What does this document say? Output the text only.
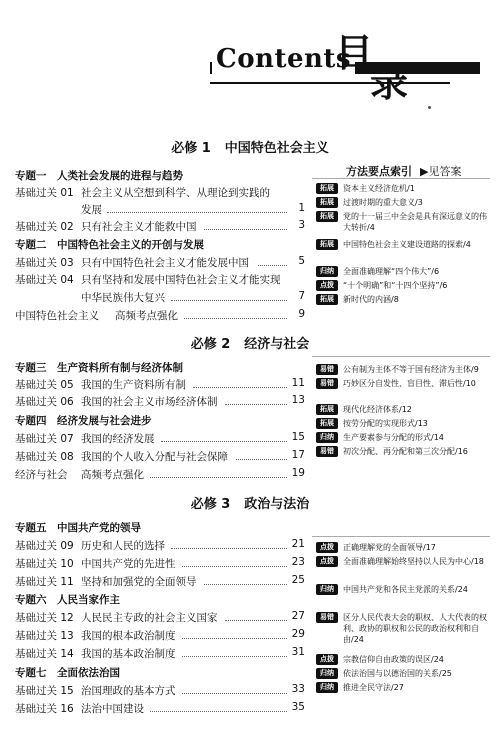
Contents
目
录
必修 1 中国特色社会主义
必修 2 经济与社会
必修 3 政治与法治
专题一 人类社会发展的进程与趋势
基础过关 01 社会主义从空想到科学、从理论到实践的
发展	1
基础过关 02 只有社会主义才能救中国	3
专题二 中国特色社会主义的开创与发展
基础过关 03 只有中国特色社会主义才能发展中国	5
基础过关 04 只有坚持和发展中国特色社会主义才能实现
中华民族伟大复兴	7
中国特色社会主义 高频考点强化	9
专题三 生产资料所有制与经济体制
基础过关 05 我国的生产资料所有制	11
基础过关 06 我国的社会主义市场经济体制	13
专题四 经济发展与社会进步
基础过关 07 我国的经济发展	15
基础过关 08 我国的个人收入分配与社会保障	17
经济与社会 高频考点强化	19
专题五 中国共产党的领导
基础过关 09 历史和人民的选择	21
基础过关 10 中国共产党的先进性	23
基础过关 11 坚持和加强党的全面领导	25
专题六 人民当家作主
基础过关 12 人民民主专政的社会主义国家	27
基础过关 13 我国的根本政治制度	29
基础过关 14 我国的基本政治制度	31
专题七 全面依法治国
基础过关 15 治国理政的基本方式	33
基础过关 16 法治中国建设	35
方法要点索引 ▶见答案
拓展	资本主义经济危机/1
拓展	过渡时期的重大意义/3
拓展	党的十一届三中全会是具有深远意义的伟大转折/4
拓展	中国特色社会主义建设道路的探索/4
归纳	全面准确理解“四个伟大”/6
点拨	“十个明确”和“十四个坚持”/6
拓展	新时代的内涵/8
易错	公有制为主体不等于国有经济为主体/9
易错	巧妙区分自发性、盲目性、滞后性/10
拓展	现代化经济体系/12
拓展	按劳分配的实现形式/13
归纳	生产要素参与分配的形式/14
易错	初次分配、再分配和第三次分配/16
点拨	正确理解党的全面领导/17
点拨	全面准确理解始终坚持以人民为中心/18
归纳	中国共产党和各民主党派的关系/24
易错	区分人民代表大会的职权、人大代表的权利、政协的职权和公民的政治权利和自由/24
点拨	宗教信仰自由政策的误区/24
归纳	依法治国与以德治国的关系/25
归纳	推进全民守法/27
